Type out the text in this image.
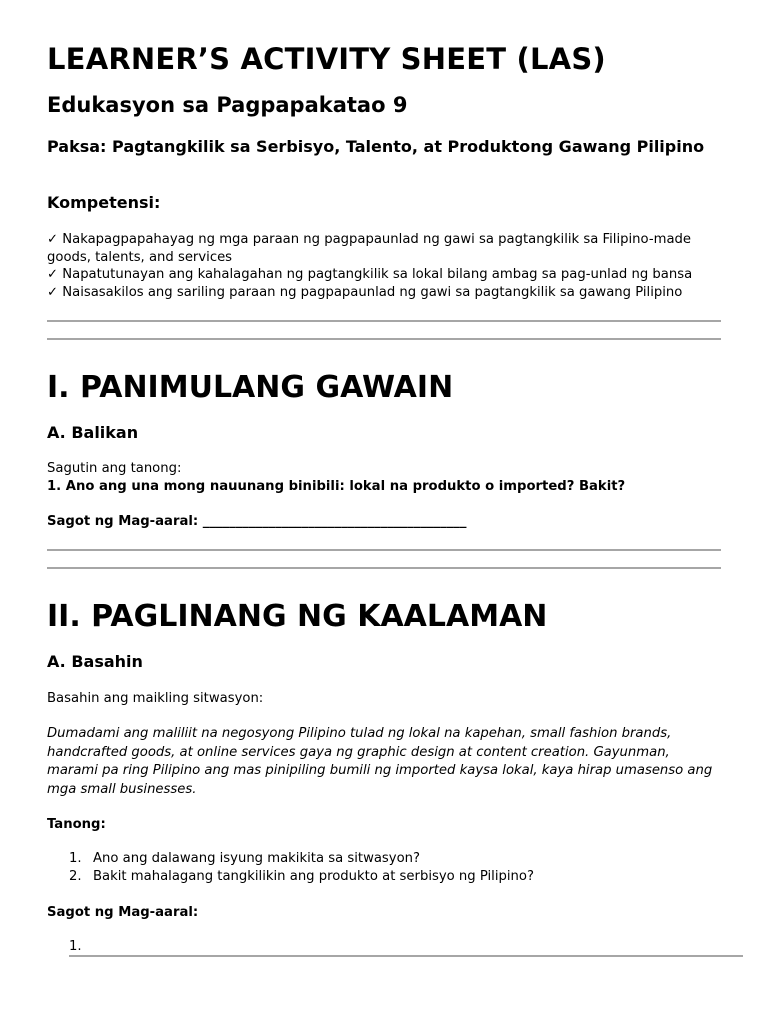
LEARNER’S ACTIVITY SHEET (LAS)
Edukasyon sa Pagpapakatao 9
Paksa: Pagtangkilik sa Serbisyo, Talento, at Produktong Gawang Pilipino
Kompetensi:
✓ Nakapagpapahayag ng mga paraan ng pagpapaunlad ng gawi sa pagtangkilik sa Filipino-made goods, talents, and services
✓ Napatutunayan ang kahalagahan ng pagtangkilik sa lokal bilang ambag sa pag-unlad ng bansa
✓ Naisasakilos ang sariling paraan ng pagpapaunlad ng gawi sa pagtangkilik sa gawang Pilipino
I. PANIMULANG GAWAIN
A. Balikan
Sagutin ang tanong:
1. Ano ang una mong nauunang binibili: lokal na produkto o imported? Bakit?
Sagot ng Mag-aaral: ________________________________________
II. PAGLINANG NG KAALAMAN
A. Basahin
Basahin ang maikling sitwasyon:
Dumadami ang maliliit na negosyong Pilipino tulad ng lokal na kapehan, small fashion brands, handcrafted goods, at online services gaya ng graphic design at content creation. Gayunman, marami pa ring Pilipino ang mas pinipiling bumili ng imported kaysa lokal, kaya hirap umasenso ang mga small businesses.
Tanong:
1. Ano ang dalawang isyung makikita sa sitwasyon?
2. Bakit mahalagang tangkilikin ang produkto at serbisyo ng Pilipino?
Sagot ng Mag-aaral:
1.
